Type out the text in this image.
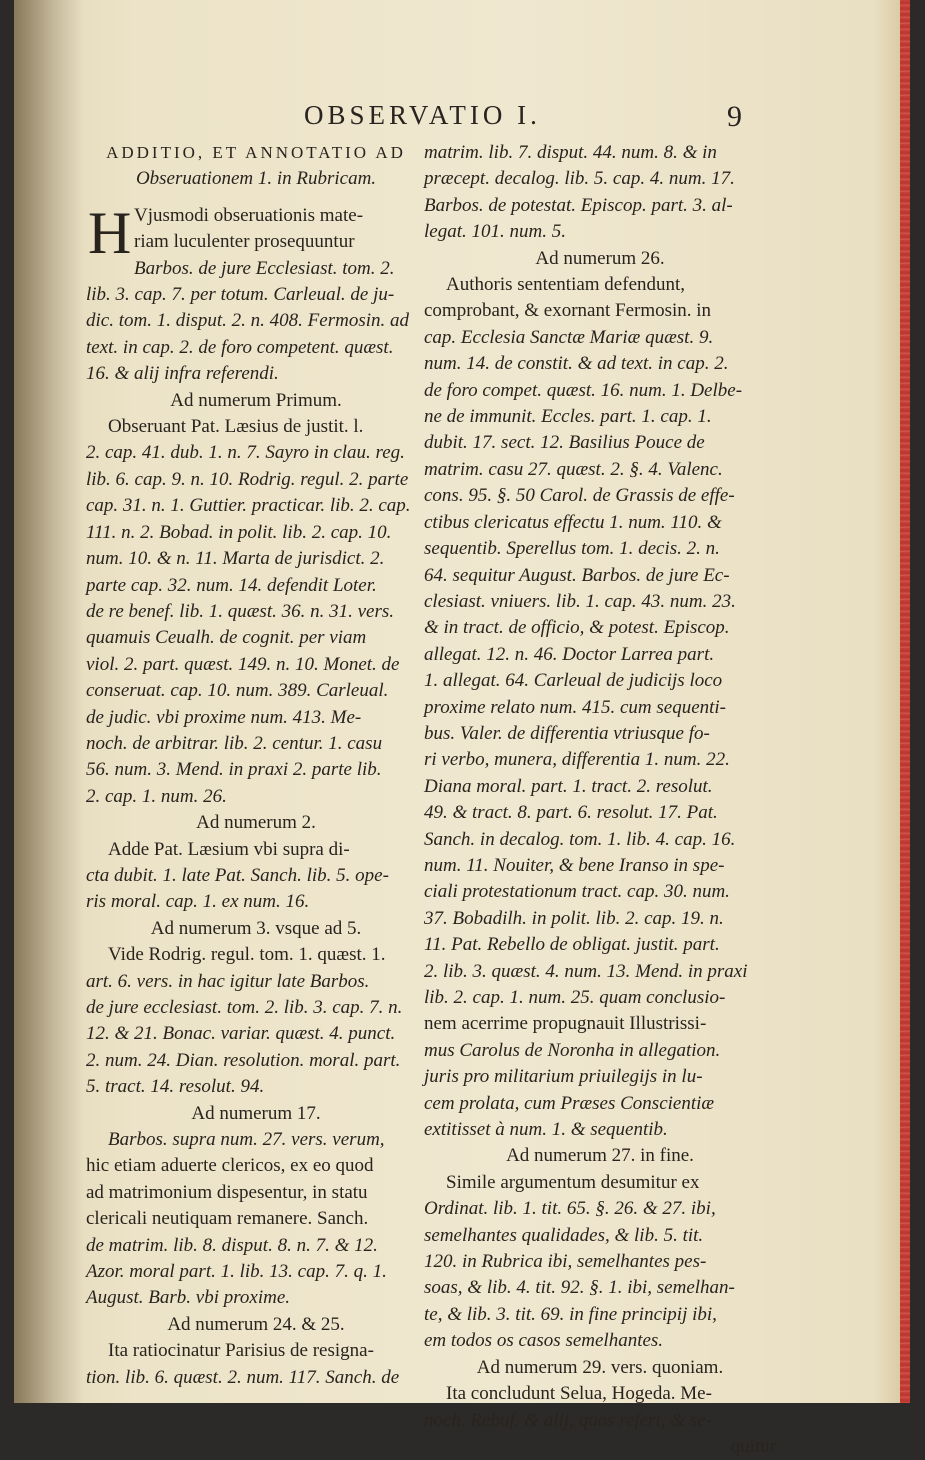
OBSERVATIO I.	9
ADDITIO, ET ANNOTATIO AD
Obseruationem 1. in Rubricam.
H Vjusmodi obseruationis mate-
riam luculenter prosequuntur
Barbos. de jure Ecclesiast. tom. 2.
lib. 3. cap. 7. per totum. Carleual. de ju-
dic. tom. 1. disput. 2. n. 408. Fermosin. ad
text. in cap. 2. de foro competent. quæst.
16. & alij infra referendi.
Ad numerum Primum.
Obseruant Pat. Læsius de justit. l.
2. cap. 41. dub. 1. n. 7. Sayro in clau. reg.
lib. 6. cap. 9. n. 10. Rodrig. regul. 2. parte
cap. 31. n. 1. Guttier. practicar. lib. 2. cap.
111. n. 2. Bobad. in polit. lib. 2. cap. 10.
num. 10. & n. 11. Marta de jurisdict. 2.
parte cap. 32. num. 14. defendit Loter.
de re benef. lib. 1. quæst. 36. n. 31. vers.
quamuis Ceualh. de cognit. per viam
viol. 2. part. quæst. 149. n. 10. Monet. de
conseruat. cap. 10. num. 389. Carleual.
de judic. vbi proxime num. 413. Me-
noch. de arbitrar. lib. 2. centur. 1. casu
56. num. 3. Mend. in praxi 2. parte lib.
2. cap. 1. num. 26.
Ad numerum 2.
Adde Pat. Læsium vbi supra di-
cta dubit. 1. late Pat. Sanch. lib. 5. ope-
ris moral. cap. 1. ex num. 16.
Ad numerum 3. vsque ad 5.
Vide Rodrig. regul. tom. 1. quæst. 1.
art. 6. vers. in hac igitur late Barbos.
de jure ecclesiast. tom. 2. lib. 3. cap. 7. n.
12. & 21. Bonac. variar. quæst. 4. punct.
2. num. 24. Dian. resolution. moral. part.
5. tract. 14. resolut. 94.
Ad numerum 17.
Barbos. supra num. 27. vers. verum,
hic etiam aduerte clericos, ex eo quod
ad matrimonium dispesentur, in statu
clericali neutiquam remanere. Sanch.
de matrim. lib. 8. disput. 8. n. 7. & 12.
Azor. moral part. 1. lib. 13. cap. 7. q. 1.
August. Barb. vbi proxime.
Ad numerum 24. & 25.
Ita ratiocinatur Parisius de resigna-
tion. lib. 6. quæst. 2. num. 117. Sanch. de
matrim. lib. 7. disput. 44. num. 8. & in
præcept. decalog. lib. 5. cap. 4. num. 17.
Barbos. de potestat. Episcop. part. 3. al-
legat. 101. num. 5.
Ad numerum 26.
Authoris sententiam defendunt,
comprobant, & exornant Fermosin. in
cap. Ecclesia Sanctæ Mariæ quæst. 9.
num. 14. de constit. & ad text. in cap. 2.
de foro compet. quæst. 16. num. 1. Delbe-
ne de immunit. Eccles. part. 1. cap. 1.
dubit. 17. sect. 12. Basilius Pouce de
matrim. casu 27. quæst. 2. §. 4. Valenc.
cons. 95. §. 50 Carol. de Grassis de effe-
ctibus clericatus effectu 1. num. 110. &
sequentib. Sperellus tom. 1. decis. 2. n.
64. sequitur August. Barbos. de jure Ec-
clesiast. vniuers. lib. 1. cap. 43. num. 23.
& in tract. de officio, & potest. Episcop.
allegat. 12. n. 46. Doctor Larrea part.
1. allegat. 64. Carleual de judicijs loco
proxime relato num. 415. cum sequenti-
bus. Valer. de differentia vtriusque fo-
ri verbo, munera, differentia 1. num. 22.
Diana moral. part. 1. tract. 2. resolut.
49. & tract. 8. part. 6. resolut. 17. Pat.
Sanch. in decalog. tom. 1. lib. 4. cap. 16.
num. 11. Nouiter, & bene Iranso in spe-
ciali protestationum tract. cap. 30. num.
37. Bobadilh. in polit. lib. 2. cap. 19. n.
11. Pat. Rebello de obligat. justit. part.
2. lib. 3. quæst. 4. num. 13. Mend. in praxi
lib. 2. cap. 1. num. 25. quam conclusio-
nem acerrime propugnauit Illustrissi-
mus Carolus de Noronha in allegation.
juris pro militarium priuilegijs in lu-
cem prolata, cum Præses Conscientiæ
extitisset à num. 1. & sequentib.
Ad numerum 27. in fine.
Simile argumentum desumitur ex
Ordinat. lib. 1. tit. 65. §. 26. & 27. ibi,
semelhantes qualidades, & lib. 5. tit.
120. in Rubrica ibi, semelhantes pes-
soas, & lib. 4. tit. 92. §. 1. ibi, semelhan-
te, & lib. 3. tit. 69. in fine principij ibi,
em todos os casos semelhantes.
Ad numerum 29. vers. quoniam.
Ita concludunt Selua, Hogeda. Me-
noch. Rebuf. & alij, quos refert, & se-
quitur
